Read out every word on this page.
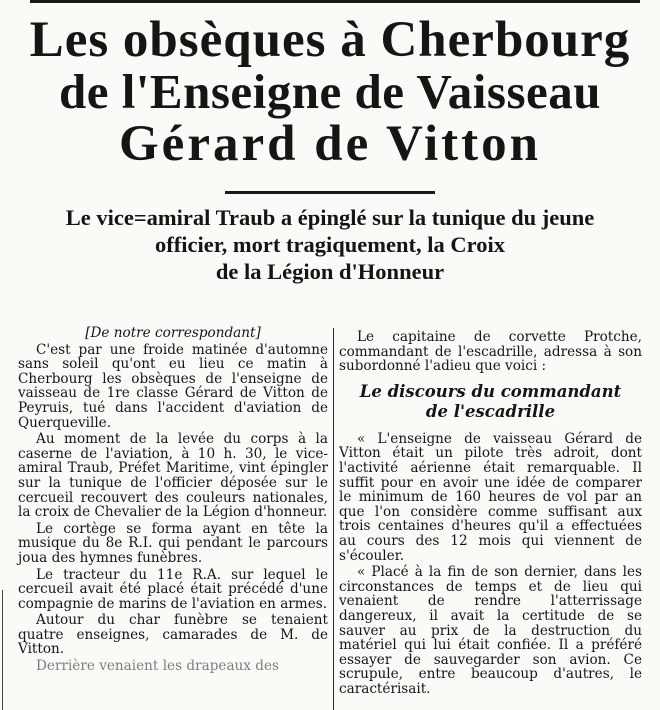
Les obsèques à Cherbourg
de l'Enseigne de Vaisseau
Gérard de Vitton
Le vice=amiral Traub a épinglé sur la tunique du jeune
officier, mort tragiquement, la Croix
de la Légion d'Honneur

[De notre correspondant]

C'est par une froide matinée d'automne sans soleil qu'ont eu lieu ce matin à Cherbourg les obsèques de l'enseigne de vaisseau de 1re classe Gérard de Vitton de Peyruis, tué dans l'accident d'aviation de Querqueville.

Au moment de la levée du corps à la caserne de l'aviation, à 10 h. 30, le vice-amiral Traub, Préfet Maritime, vint épingler sur la tunique de l'officier déposée sur le cercueil recouvert des couleurs nationales, la croix de Chevalier de la Légion d'honneur.

Le cortège se forma ayant en tête la musique du 8e R.I. qui pendant le parcours joua des hymnes funèbres.

Le tracteur du 11e R.A. sur lequel le cercueil avait été placé était précédé d'une compagnie de marins de l'aviation en armes.

Autour du char funèbre se tenaient quatre enseignes, camarades de M. de Vitton.

Derrière venaient les drapeaux des

Le capitaine de corvette Protche, commandant de l'escadrille, adressa à son subordonné l'adieu que voici :

Le discours du commandant
de l'escadrille

« L'enseigne de vaisseau Gérard de Vitton était un pilote très adroit, dont l'activité aérienne était remarquable. Il suffit pour en avoir une idée de comparer le minimum de 160 heures de vol par an que l'on considère comme suffisant aux trois centaines d'heures qu'il a effectuées au cours des 12 mois qui viennent de s'écouler.

« Placé à la fin de son dernier, dans les circonstances de temps et de lieu qui venaient de rendre l'atterrissage dangereux, il avait la certitude de se sauver au prix de la destruction du matériel qui lui était confiée. Il a préféré essayer de sauvegarder son avion. Ce scrupule, entre beaucoup d'autres, le caractérisait.
